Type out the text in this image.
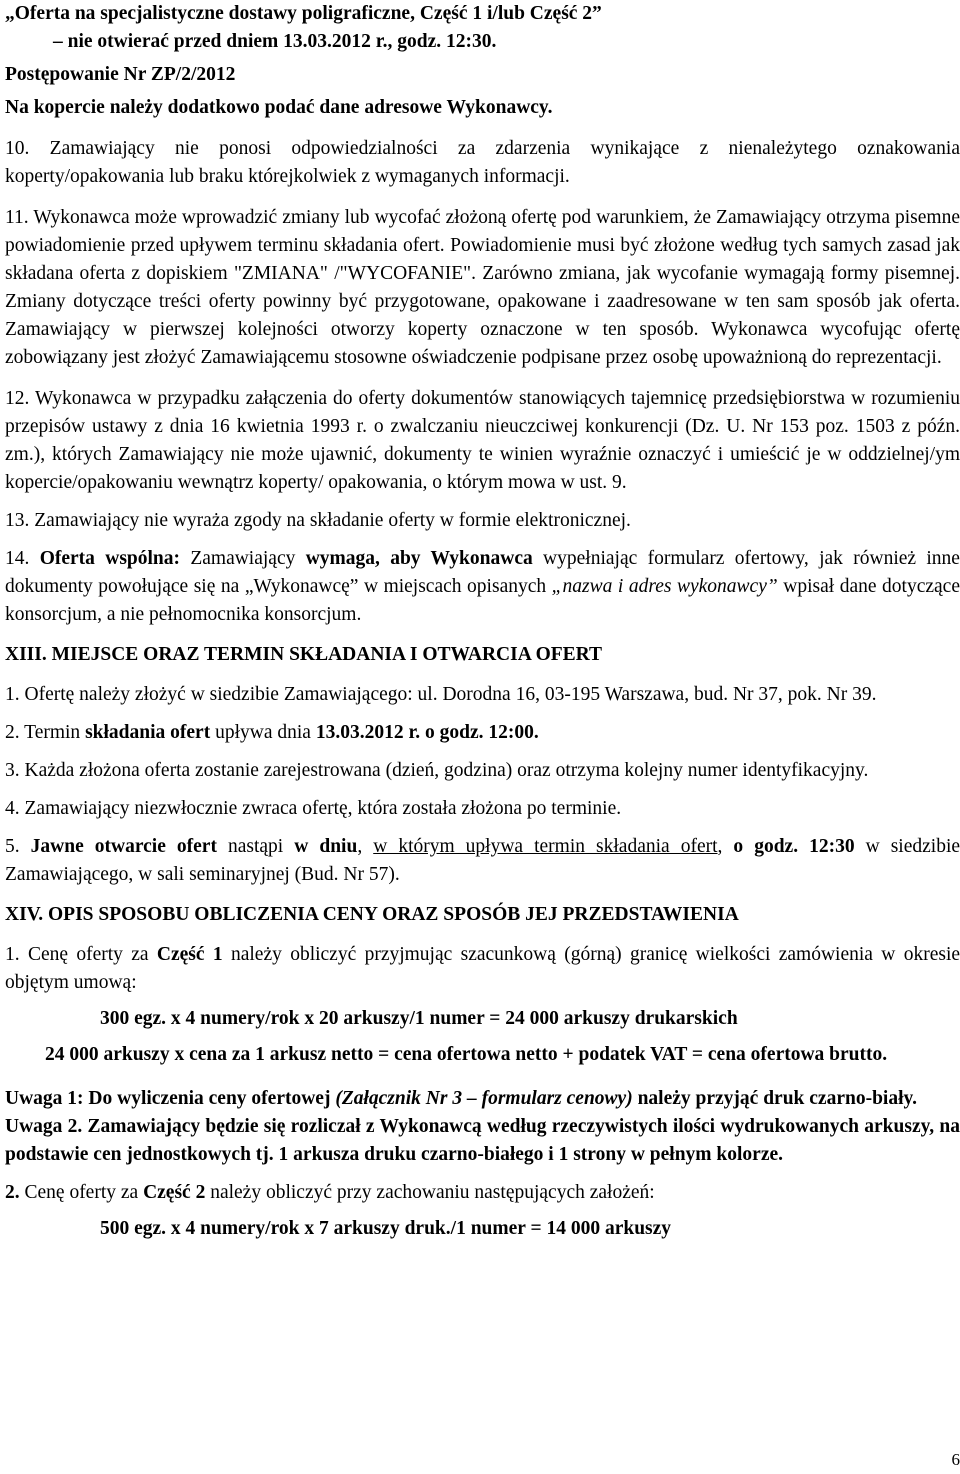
„Oferta na specjalistyczne dostawy poligraficzne, Część 1 i/lub Część 2”

– nie otwierać przed dniem 13.03.2012 r., godz. 12:30.

Postępowanie Nr ZP/2/2012

Na kopercie należy dodatkowo podać dane adresowe Wykonawcy.

10. Zamawiający nie ponosi odpowiedzialności za zdarzenia wynikające z nienależytego oznakowania koperty/opakowania lub braku którejkolwiek z wymaganych informacji.

11. Wykonawca może wprowadzić zmiany lub wycofać złożoną ofertę pod warunkiem, że Zamawiający otrzyma pisemne powiadomienie przed upływem terminu składania ofert. Powiadomienie musi być złożone według tych samych zasad jak składana oferta z dopiskiem "ZMIANA" /"WYCOFANIE". Zarówno zmiana, jak wycofanie wymagają formy pisemnej. Zmiany dotyczące treści oferty powinny być przygotowane, opakowane i zaadresowane w ten sam sposób jak oferta. Zamawiający w pierwszej kolejności otworzy koperty oznaczone w ten sposób. Wykonawca wycofując ofertę zobowiązany jest złożyć Zamawiającemu stosowne oświadczenie podpisane przez osobę upoważnioną do reprezentacji.

12. Wykonawca w przypadku załączenia do oferty dokumentów stanowiących tajemnicę przedsiębiorstwa w rozumieniu przepisów ustawy z dnia 16 kwietnia 1993 r. o zwalczaniu nieuczciwej konkurencji (Dz. U. Nr 153 poz. 1503 z późn. zm.), których Zamawiający nie może ujawnić, dokumenty te winien wyraźnie oznaczyć i umieścić je w oddzielnej/ym kopercie/opakowaniu wewnątrz koperty/ opakowania, o którym mowa w ust. 9.

13. Zamawiający nie wyraża zgody na składanie oferty w formie elektronicznej.

14. Oferta wspólna: Zamawiający wymaga, aby Wykonawca wypełniając formularz ofertowy, jak również inne dokumenty powołujące się na „Wykonawcę” w miejscach opisanych „nazwa i adres wykonawcy” wpisał dane dotyczące konsorcjum, a nie pełnomocnika konsorcjum.

XIII. MIEJSCE ORAZ TERMIN SKŁADANIA I OTWARCIA OFERT

1. Ofertę należy złożyć w siedzibie Zamawiającego: ul. Dorodna 16, 03-195 Warszawa, bud. Nr 37, pok. Nr 39.

2. Termin składania ofert upływa dnia 13.03.2012 r. o godz. 12:00.

3. Każda złożona oferta zostanie zarejestrowana (dzień, godzina) oraz otrzyma kolejny numer identyfikacyjny.

4. Zamawiający niezwłocznie zwraca ofertę, która została złożona po terminie.

5. Jawne otwarcie ofert nastąpi w dniu, w którym upływa termin składania ofert, o godz. 12:30 w siedzibie Zamawiającego, w sali seminaryjnej (Bud. Nr 57).

XIV. OPIS SPOSOBU OBLICZENIA CENY ORAZ SPOSÓB JEJ PRZEDSTAWIENIA

1. Cenę oferty za Część 1 należy obliczyć przyjmując szacunkową (górną) granicę wielkości zamówienia w okresie objętym umową:

300 egz. x 4 numery/rok x 20 arkuszy/1 numer = 24 000 arkuszy drukarskich

24 000 arkuszy x cena za 1 arkusz netto = cena ofertowa netto + podatek VAT = cena ofertowa brutto.

Uwaga 1: Do wyliczenia ceny ofertowej (Załącznik Nr 3 – formularz cenowy) należy przyjąć druk czarno-biały.

Uwaga 2. Zamawiający będzie się rozliczał z Wykonawcą według rzeczywistych ilości wydrukowanych arkuszy, na podstawie cen jednostkowych tj. 1 arkusza druku czarno-białego i 1 strony w pełnym kolorze.

2. Cenę oferty za Część 2 należy obliczyć przy zachowaniu następujących założeń:

500 egz. x 4 numery/rok x 7 arkuszy druk./1 numer = 14 000 arkuszy

6
